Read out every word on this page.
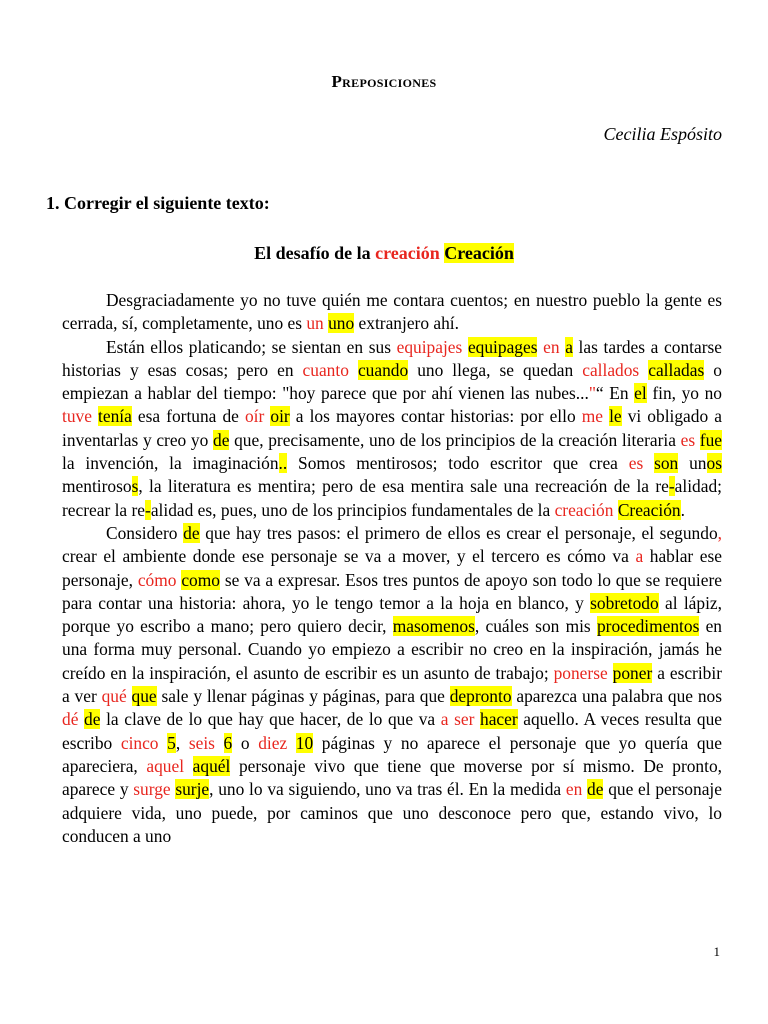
Preposiciones
Cecilia Espósito
1. Corregir el siguiente texto:
El desafío de la creación Creación

Desgraciadamente yo no tuve quién me contara cuentos; en nuestro pueblo la gente es cerrada, sí, completamente, uno es un uno extranjero ahí.

Están ellos platicando; se sientan en sus equipajes equipages en a las tardes a contarse historias y esas cosas; pero en cuanto cuando uno llega, se quedan callados calladas o empiezan a hablar del tiempo: "hoy parece que por ahí vienen las nubes..."“ En el fin, yo no tuve tenía esa fortuna de oír oir a los mayores contar historias: por ello me le vi obligado a inventarlas y creo yo de que, precisamente, uno de los principios de la creación literaria es fue la invención, la imaginación.. Somos mentirosos; todo escritor que crea es son unos mentirosos, la literatura es mentira; pero de esa mentira sale una recreación de la re-alidad; recrear la re-alidad es, pues, uno de los principios fundamentales de la creación Creación.

Considero de que hay tres pasos: el primero de ellos es crear el personaje, el segundo, crear el ambiente donde ese personaje se va a mover, y el tercero es cómo va a hablar ese personaje, cómo como se va a expresar. Esos tres puntos de apoyo son todo lo que se requiere para contar una historia: ahora, yo le tengo temor a la hoja en blanco, y sobretodo al lápiz, porque yo escribo a mano; pero quiero decir, masomenos, cuáles son mis procedimentos en una forma muy personal. Cuando yo empiezo a escribir no creo en la inspiración, jamás he creído en la inspiración, el asunto de escribir es un asunto de trabajo; ponerse poner a escribir a ver qué que sale y llenar páginas y páginas, para que depronto aparezca una palabra que nos dé de la clave de lo que hay que hacer, de lo que va a ser hacer aquello. A veces resulta que escribo cinco 5, seis 6 o diez 10 páginas y no aparece el personaje que yo quería que apareciera, aquel aquél personaje vivo que tiene que moverse por sí mismo. De pronto, aparece y surge surje, uno lo va siguiendo, uno va tras él. En la medida en de que el personaje adquiere vida, uno puede, por caminos que uno desconoce pero que, estando vivo, lo conducen a uno

1
